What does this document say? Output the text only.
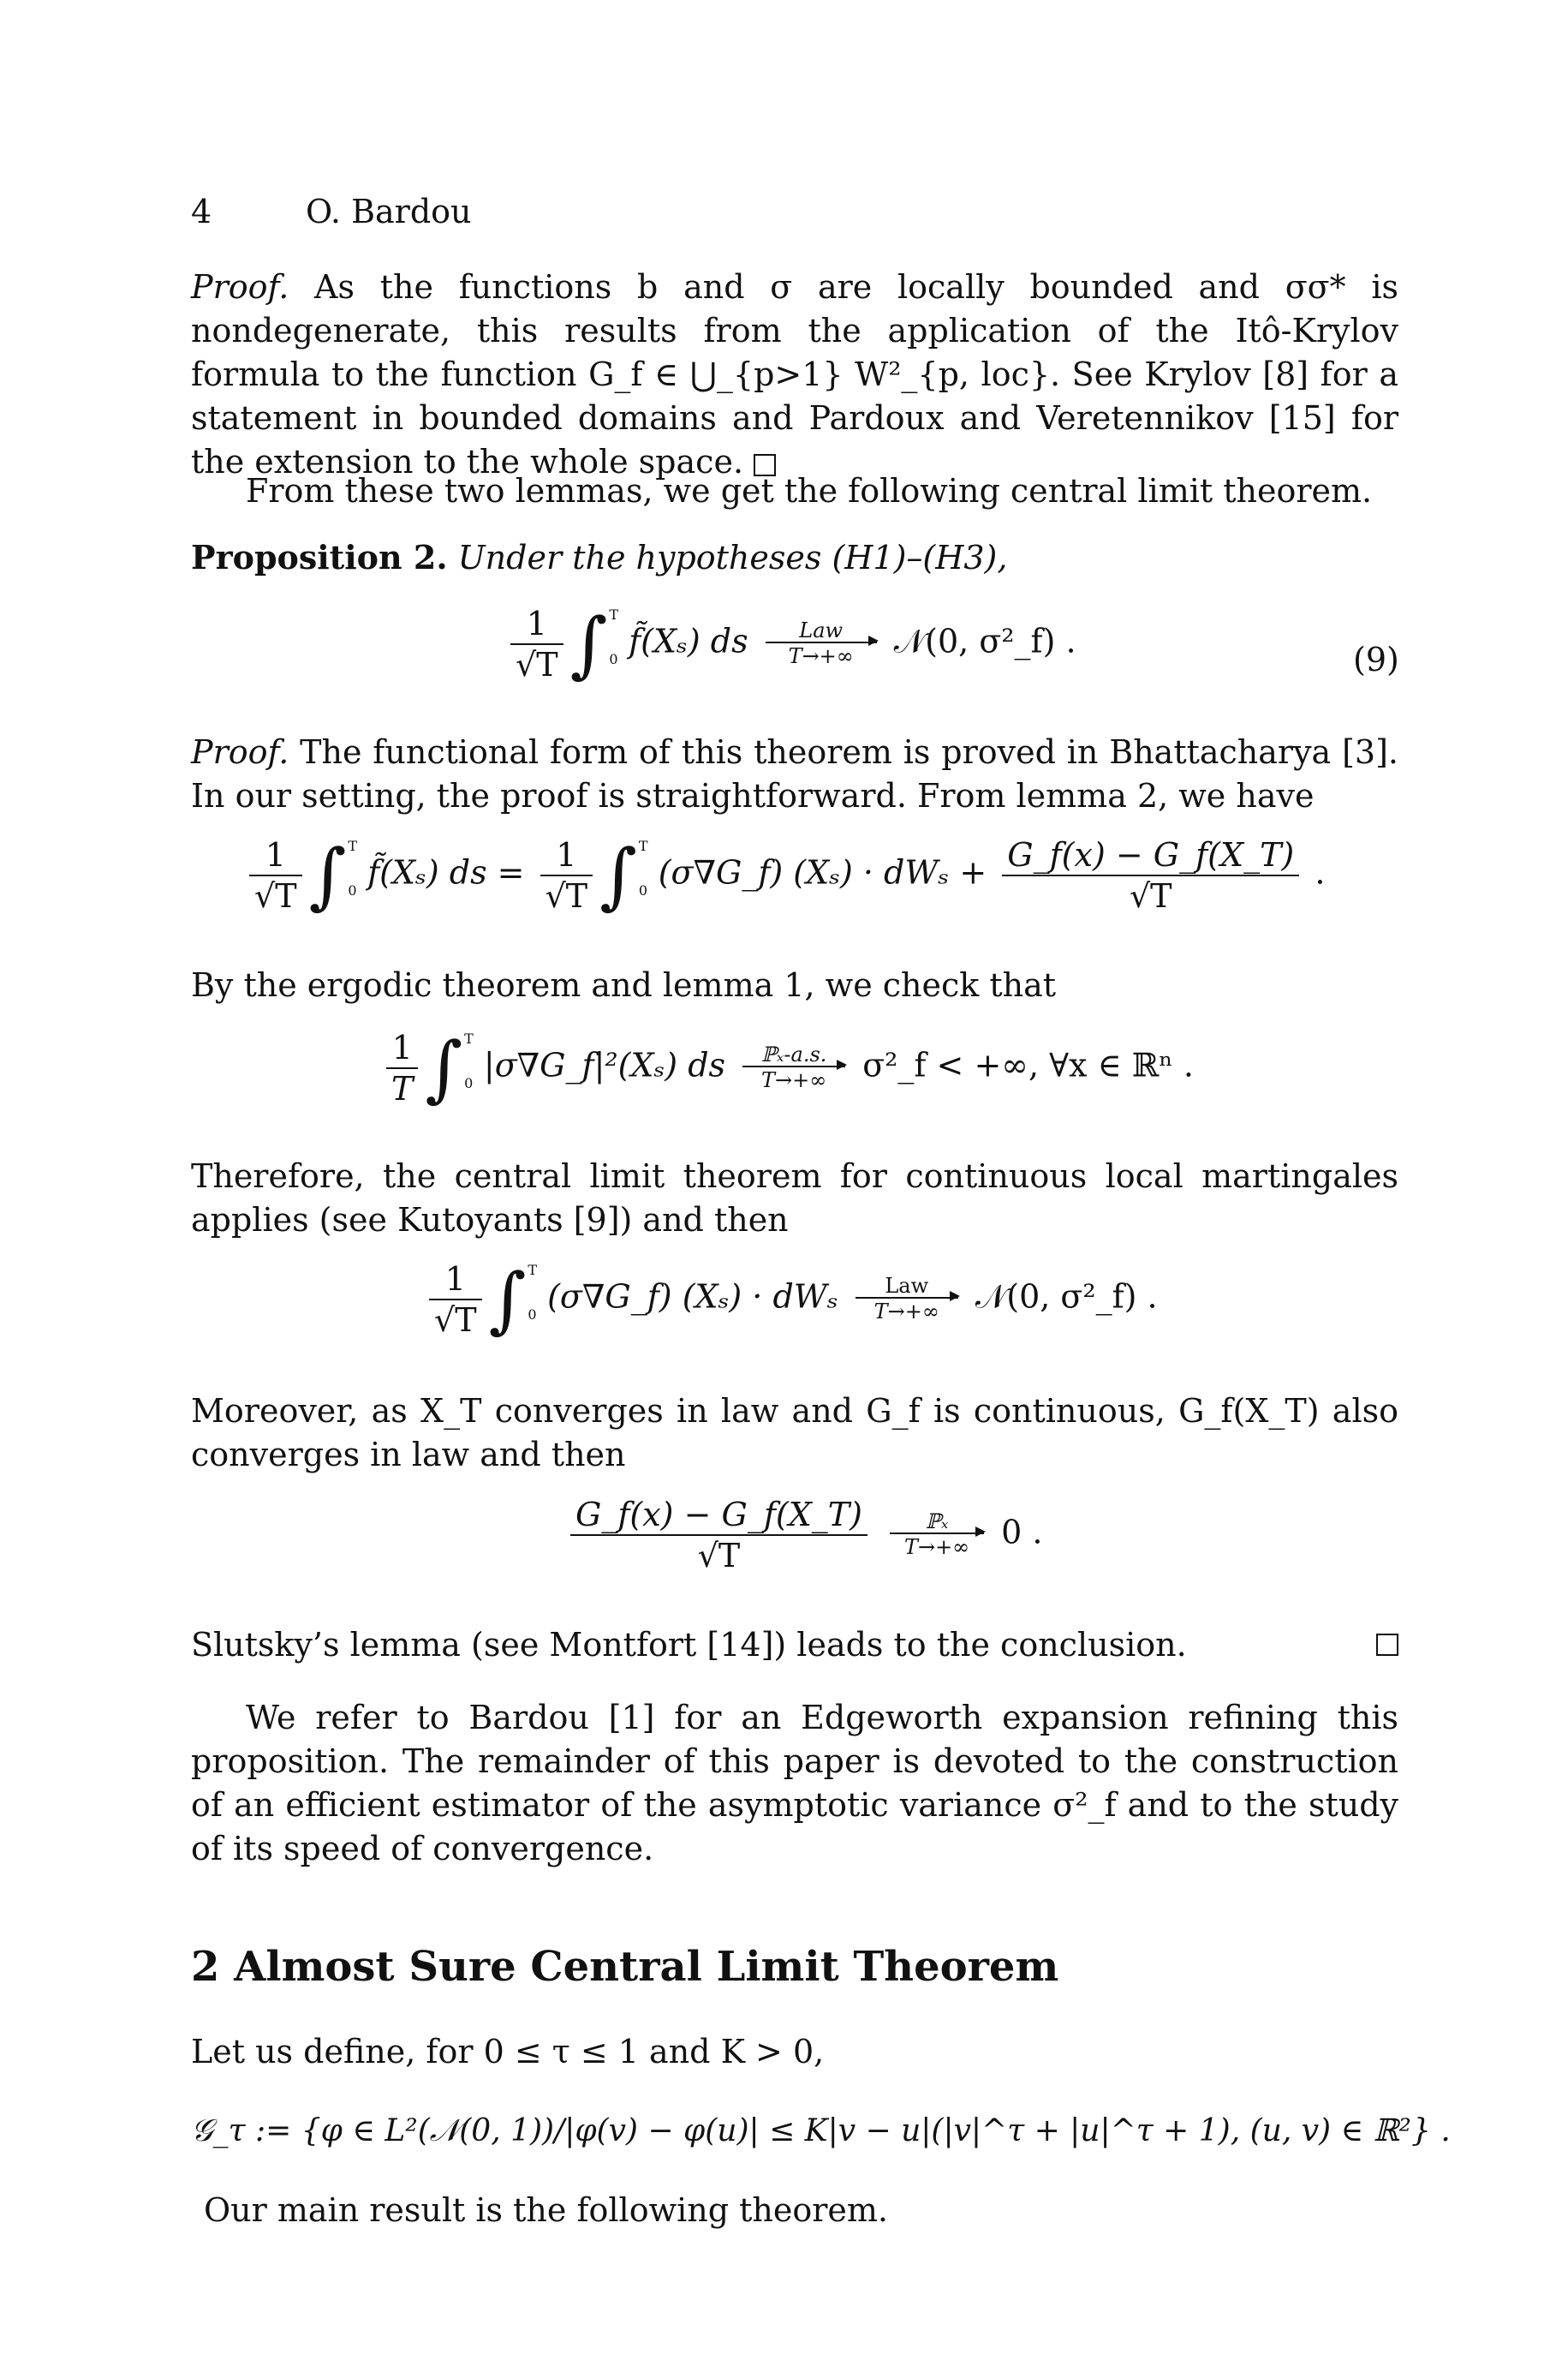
4	O. Bardou
Proof. As the functions b and σ are locally bounded and σσ* is nondegenerate, this results from the application of the Itô-Krylov formula to the function G_f ∈ ⋃_{p>1} W²_{p, loc}. See Krylov [8] for a statement in bounded domains and Pardoux and Veretennikov [15] for the extension to the whole space.
From these two lemmas, we get the following central limit theorem.
Proposition 2. Under the hypotheses (H1)–(H3),
$\frac{1}{√T}$ ∫ T
0 f̃(Xₛ) ds	Law
T→+∞	𝒩(0, σ²_f) .	(9)
Proof. The functional form of this theorem is proved in Bhattacharya [3]. In our setting, the proof is straightforward. From lemma 2, we have
$\frac{1}{√T}$ ∫ T
0 f̃(Xₛ) ds = $\frac{1}{√T}$ ∫ T
0 (σ∇G_f) $(X_s) \cdot dW_s + \frac{G\_f(x) - G\_f(X\_T)}{√T}$ .
By the ergodic theorem and lemma 1, we check that
$\frac{1}{T}$ ∫ T
0 |σ∇G_f|²(Xₛ) ds	ℙₓ-a.s.
T→+∞	σ²_f < +∞, ∀x ∈ ℝⁿ .
Therefore, the central limit theorem for continuous local martingales applies (see Kutoyants [9]) and then
$\frac{1}{√T}$ ∫ T
0 (σ∇G_f) (Xₛ) · dWₛ	Law
T→+∞	𝒩(0, σ²_f) .
Moreover, as X_T converges in law and G_f is continuous, G_f(X_T) also converges in law and then
$\frac{G\_f(x) - G\_f(X\_T)}{√T}$
	ℙₓ
T→+∞ 0 .
Slutsky’s lemma (see Montfort [14]) leads to the conclusion.
We refer to Bardou [1] for an Edgeworth expansion refining this proposition. The remainder of this paper is devoted to the construction of an efficient estimator of the asymptotic variance σ²_f and to the study of its speed of convergence.
2 Almost Sure Central Limit Theorem
Let us define, for 0 ≤ τ ≤ 1 and K > 0,
𝒢_τ := {φ ∈ L²(𝒩(0, 1))/|φ(v) − φ(u)| ≤ K|v − u|(|v|^τ + |u|^τ + 1), (u, v) ∈ ℝ²} .
Our main result is the following theorem.
